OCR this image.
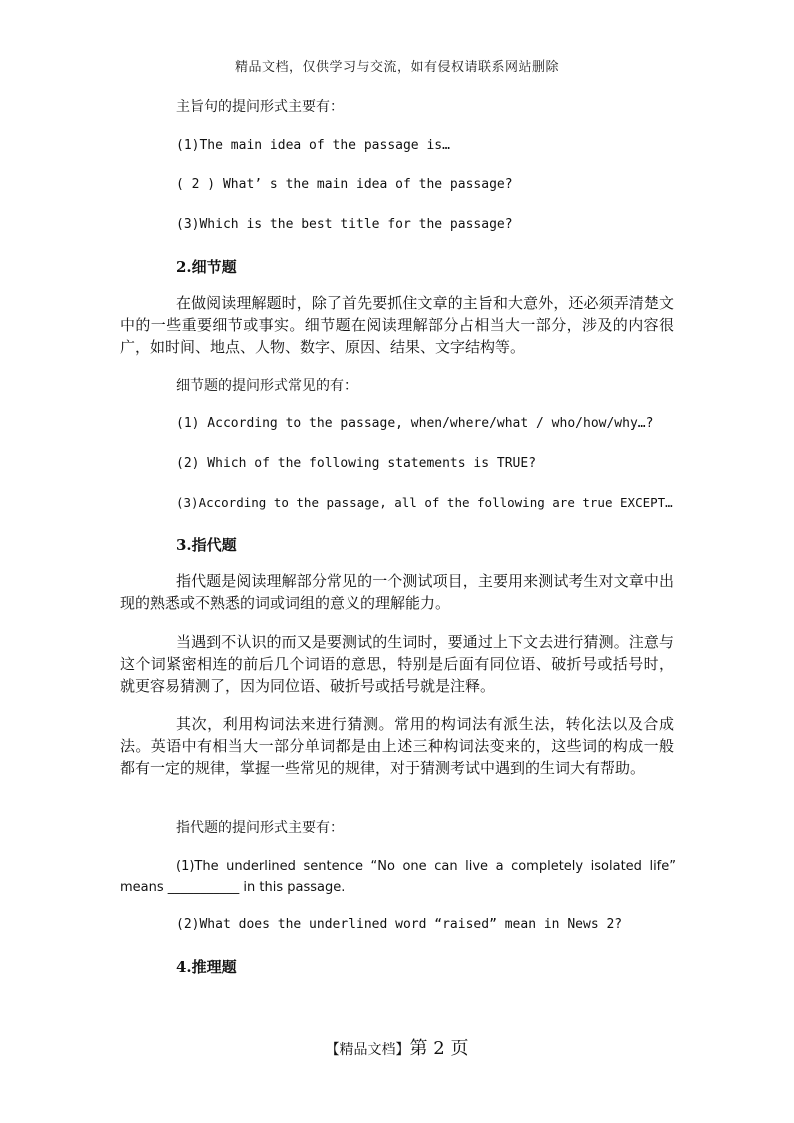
精品文档，仅供学习与交流，如有侵权请联系网站删除
主旨句的提问形式主要有：
(1)The main idea of the passage is…
( 2 ) What’ s the main idea of the passage?
(3)Which is the best title for the passage?
2.细节题
在做阅读理解题时，除了首先要抓住文章的主旨和大意外，还必须弄清楚文中的一些重要细节或事实。细节题在阅读理解部分占相当大一部分，涉及的内容很广，如时间、地点、人物、数字、原因、结果、文字结构等。
细节题的提问形式常见的有：
(1) According to the passage, when/where/what / who/how/why…?
(2) Which of the following statements is TRUE?
(3)According to the passage, all of the following are true EXCEPT…
3.指代题
指代题是阅读理解部分常见的一个测试项目，主要用来测试考生对文章中出现的熟悉或不熟悉的词或词组的意义的理解能力。
当遇到不认识的而又是要测试的生词时，要通过上下文去进行猜测。注意与这个词紧密相连的前后几个词语的意思，特别是后面有同位语、破折号或括号时，就更容易猜测了，因为同位语、破折号或括号就是注释。
其次，利用构词法来进行猜测。常用的构词法有派生法，转化法以及合成法。英语中有相当大一部分单词都是由上述三种构词法变来的，这些词的构成一般都有一定的规律，掌握一些常见的规律，对于猜测考试中遇到的生词大有帮助。
指代题的提问形式主要有：
(1)The underlined sentence “No one can live a completely isolated life” means ___________ in this passage.
(2)What does the underlined word “raised” mean in News 2?
4.推理题
【精品文档】第 2 页
